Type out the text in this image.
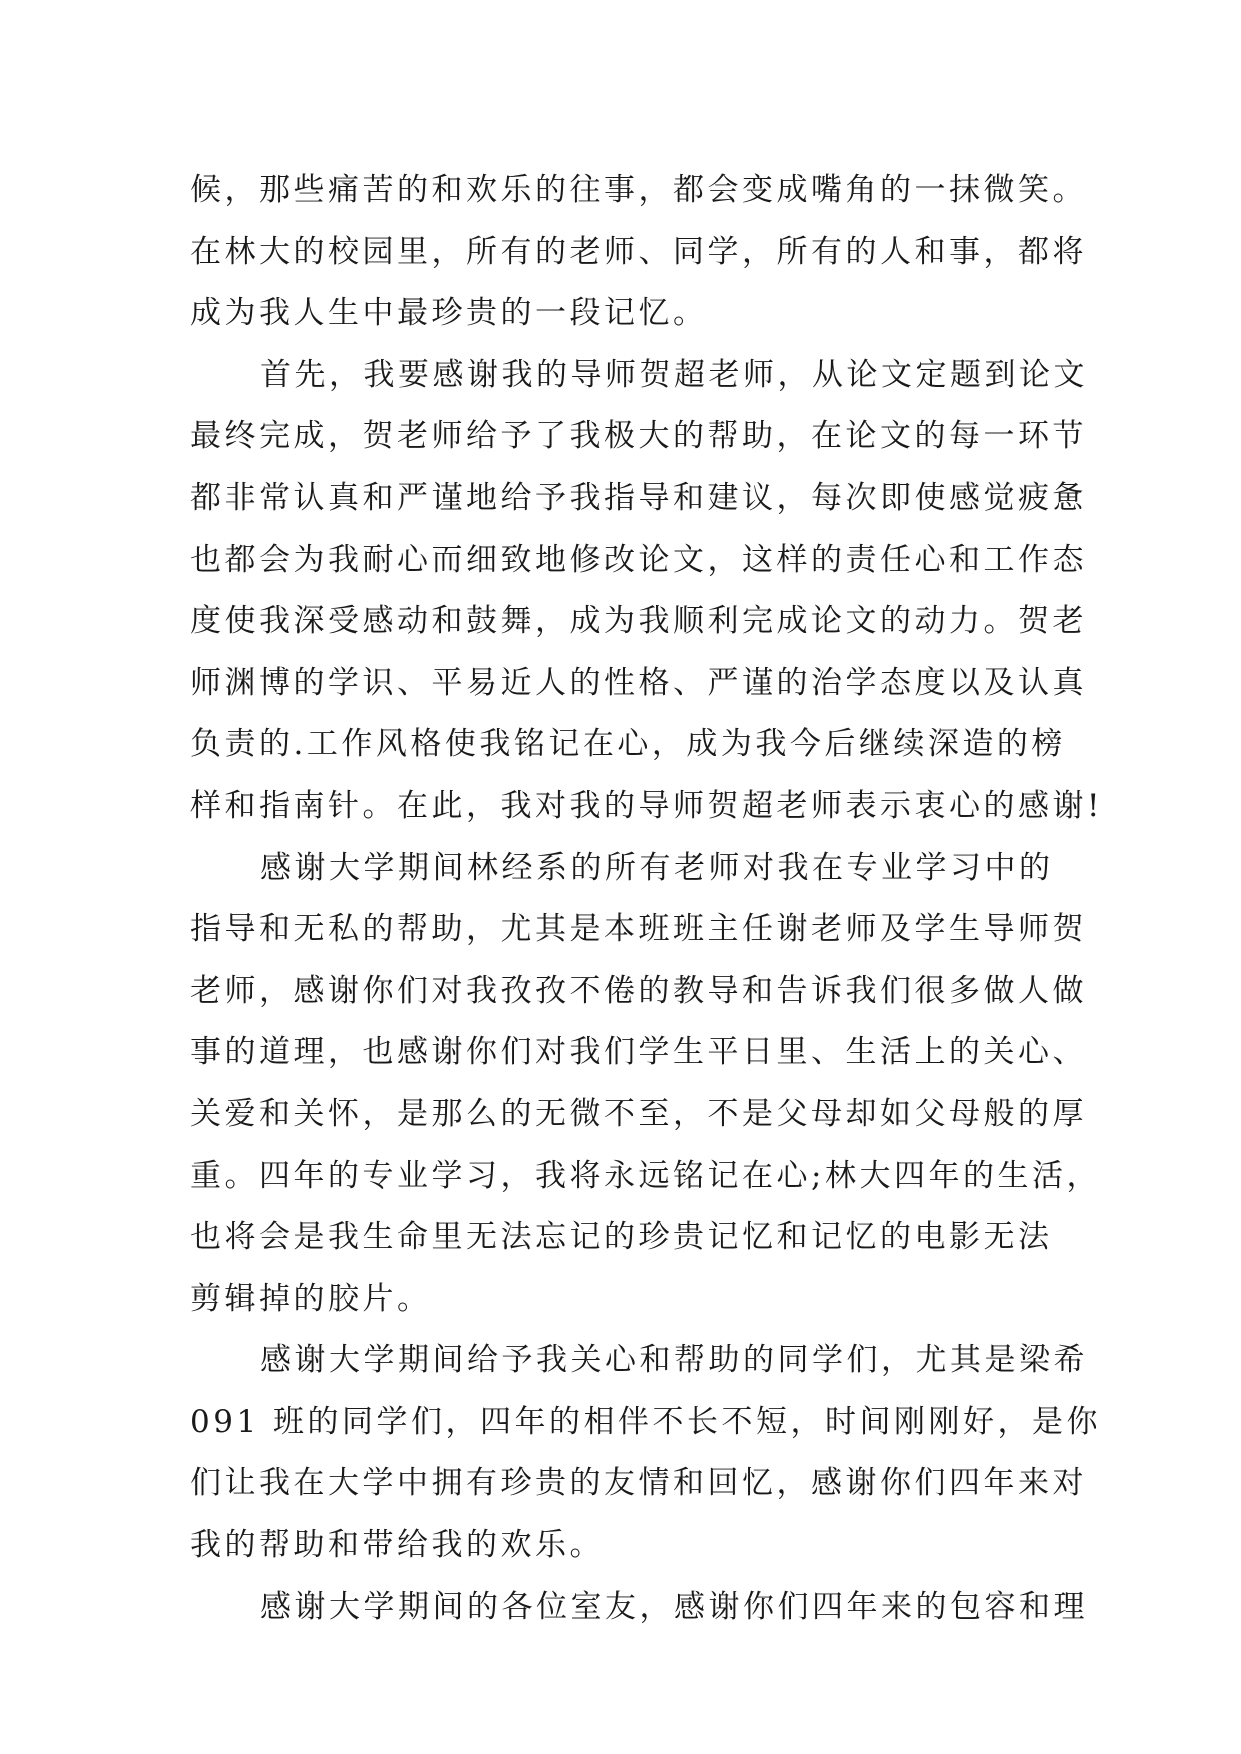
候，那些痛苦的和欢乐的往事，都会变成嘴角的一抹微笑。
在林大的校园里，所有的老师、同学，所有的人和事，都将
成为我人生中最珍贵的一段记忆。
首先，我要感谢我的导师贺超老师，从论文定题到论文
最终完成，贺老师给予了我极大的帮助，在论文的每一环节
都非常认真和严谨地给予我指导和建议，每次即使感觉疲惫
也都会为我耐心而细致地修改论文，这样的责任心和工作态
度使我深受感动和鼓舞，成为我顺利完成论文的动力。贺老
师渊博的学识、平易近人的性格、严谨的治学态度以及认真
负责的.工作风格使我铭记在心，成为我今后继续深造的榜
样和指南针。在此，我对我的导师贺超老师表示衷心的感谢!
感谢大学期间林经系的所有老师对我在专业学习中的
指导和无私的帮助，尤其是本班班主任谢老师及学生导师贺
老师，感谢你们对我孜孜不倦的教导和告诉我们很多做人做
事的道理，也感谢你们对我们学生平日里、生活上的关心、
关爱和关怀，是那么的无微不至，不是父母却如父母般的厚
重。四年的专业学习，我将永远铭记在心;林大四年的生活，
也将会是我生命里无法忘记的珍贵记忆和记忆的电影无法
剪辑掉的胶片。
感谢大学期间给予我关心和帮助的同学们，尤其是梁希
091 班的同学们，四年的相伴不长不短，时间刚刚好，是你
们让我在大学中拥有珍贵的友情和回忆，感谢你们四年来对
我的帮助和带给我的欢乐。
感谢大学期间的各位室友，感谢你们四年来的包容和理
